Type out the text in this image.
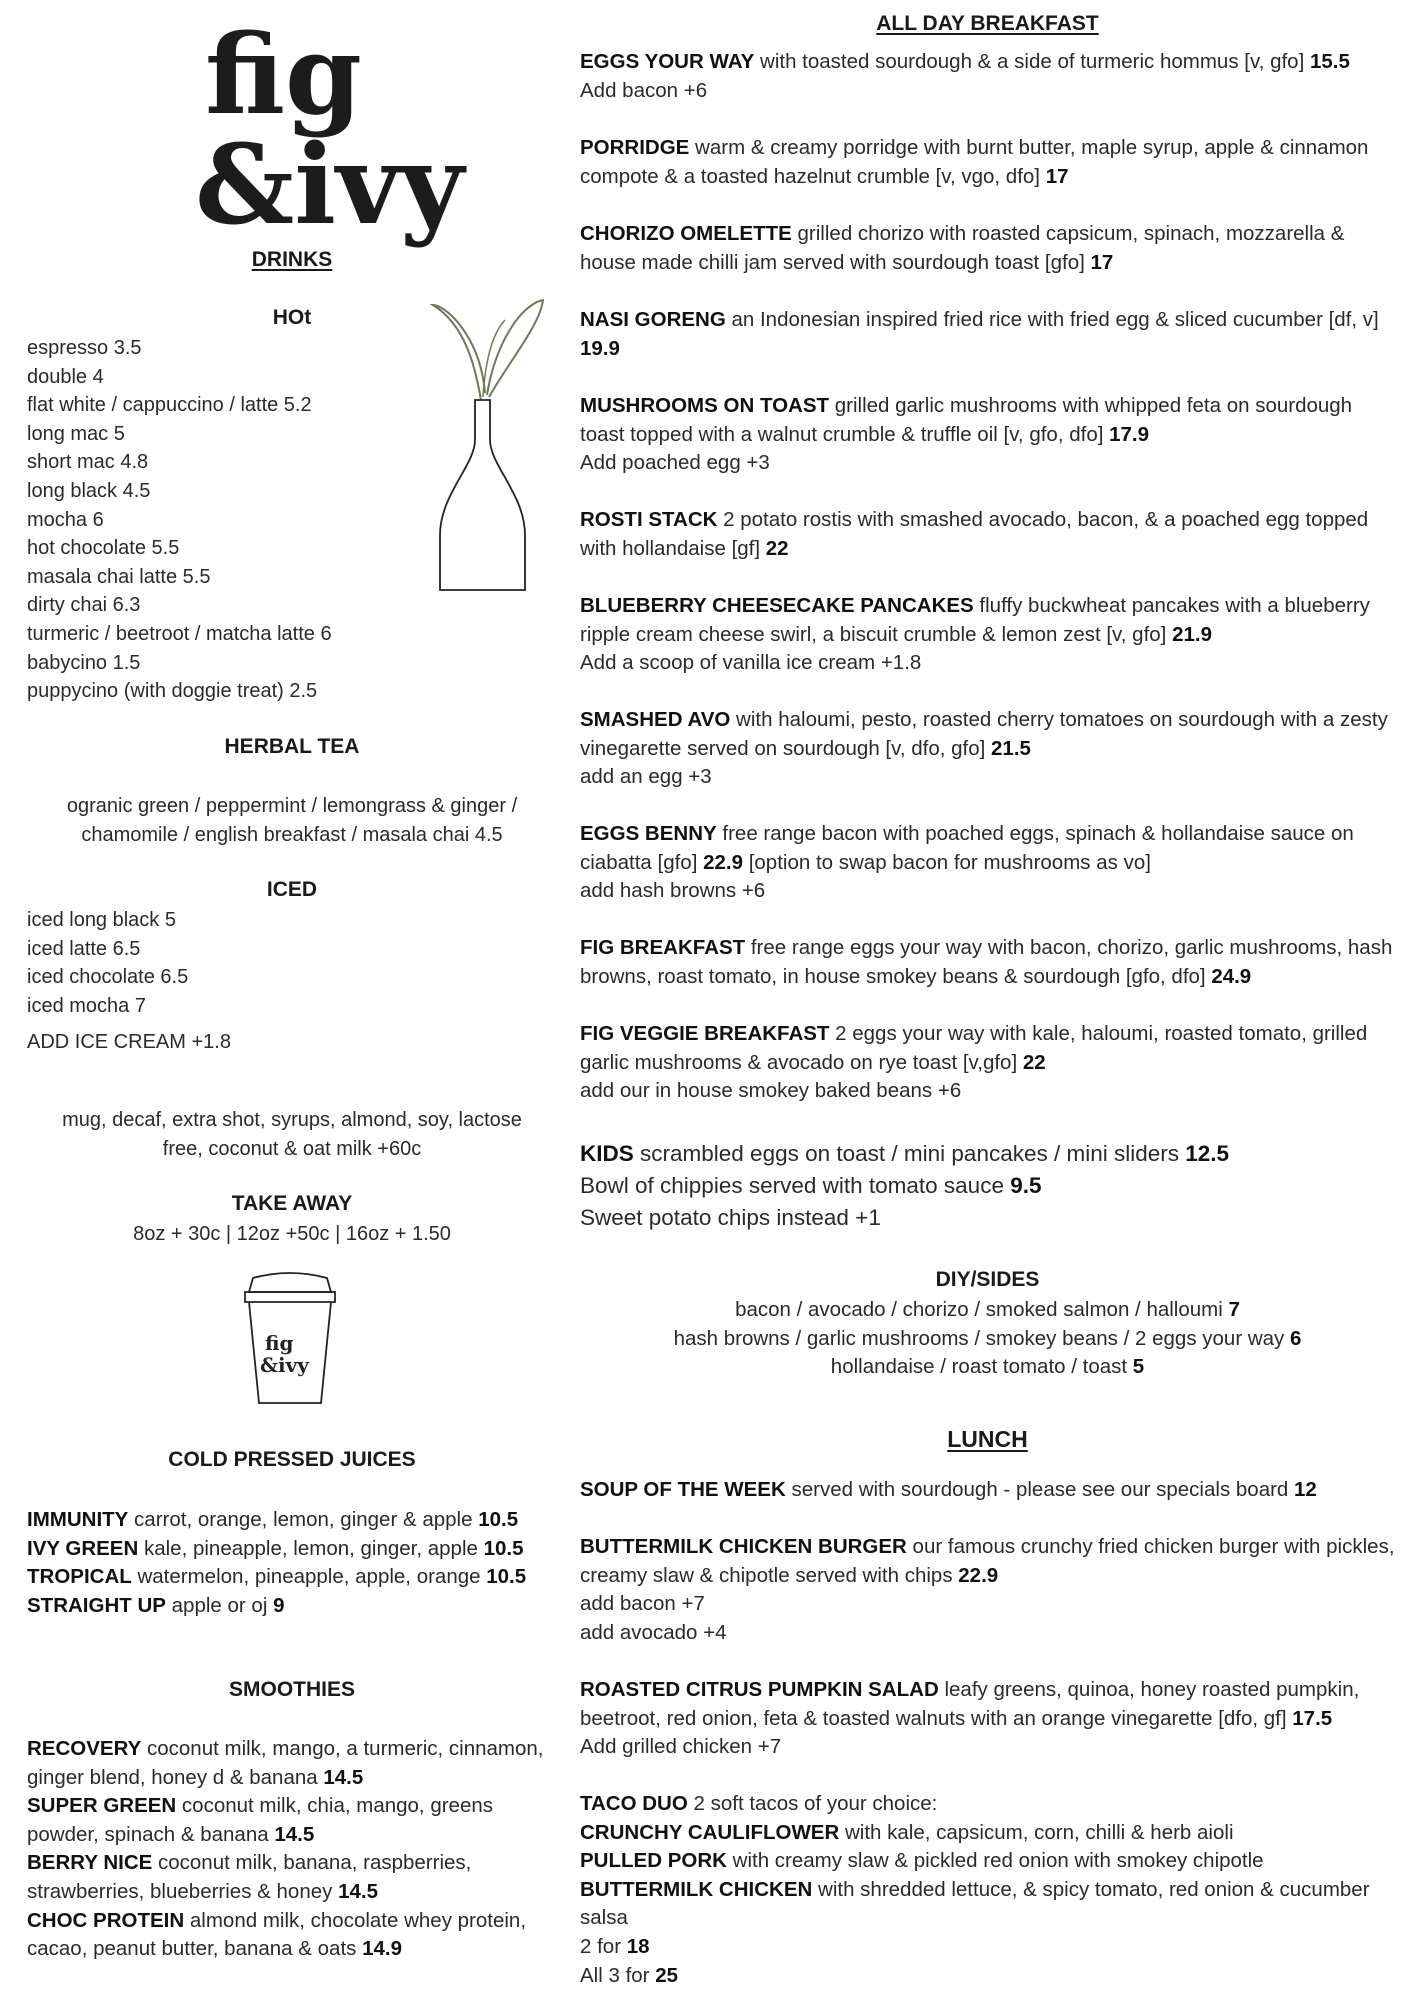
fig
&ivy
fig
&ivy

DRINKS

HOt

espresso 3.5
double 4
flat white / cappuccino / latte 5.2
long mac 5
short mac 4.8
long black 4.5
mocha 6
hot chocolate 5.5
masala chai latte 5.5
dirty chai 6.3
turmeric / beetroot / matcha latte 6
babycino 1.5
puppycino (with doggie treat) 2.5

HERBAL TEA

ogranic green / peppermint / lemongrass & ginger /
chamomile / english breakfast / masala chai 4.5

ICED

iced long black 5
iced latte 6.5
iced chocolate 6.5
iced mocha 7
ADD ICE CREAM +1.8
mug, decaf, extra shot, syrups, almond, soy, lactose
free, coconut & oat milk +60c

TAKE AWAY

8oz + 30c | 12oz +50c | 16oz + 1.50

COLD PRESSED JUICES

IMMUNITY carrot, orange, lemon, ginger & apple 10.5

IVY GREEN kale, pineapple, lemon, ginger, apple 10.5

TROPICAL watermelon, pineapple, apple, orange 10.5

STRAIGHT UP apple or oj 9

SMOOTHIES

RECOVERY coconut milk, mango, a turmeric, cinnamon, ginger blend, honey d & banana 14.5

SUPER GREEN coconut milk, chia, mango, greens powder, spinach & banana 14.5

BERRY NICE coconut milk, banana, raspberries, strawberries, blueberries & honey 14.5

CHOC PROTEIN almond milk, chocolate whey protein, cacao, peanut butter, banana & oats 14.9

ALL DAY BREAKFAST

EGGS YOUR WAY with toasted sourdough & a side of turmeric hommus [v, gfo] 15.5

Add bacon +6

PORRIDGE warm & creamy porridge with burnt butter, maple syrup, apple & cinnamon compote & a toasted hazelnut crumble [v, vgo, dfo] 17

CHORIZO OMELETTE grilled chorizo with roasted capsicum, spinach, mozzarella & house made chilli jam served with sourdough toast [gfo] 17

NASI GORENG an Indonesian inspired fried rice with fried egg & sliced cucumber [df, v] 19.9

MUSHROOMS ON TOAST grilled garlic mushrooms with whipped feta on sourdough toast topped with a walnut crumble & truffle oil [v, gfo, dfo] 17.9

Add poached egg +3

ROSTI STACK 2 potato rostis with smashed avocado, bacon, & a poached egg topped with hollandaise [gf] 22

BLUEBERRY CHEESECAKE PANCAKES fluffy buckwheat pancakes with a blueberry ripple cream cheese swirl, a biscuit crumble & lemon zest [v, gfo] 21.9

Add a scoop of vanilla ice cream +1.8

SMASHED AVO with haloumi, pesto, roasted cherry tomatoes on sourdough with a zesty vinegarette served on sourdough [v, dfo, gfo] 21.5

add an egg +3

EGGS BENNY free range bacon with poached eggs, spinach & hollandaise sauce on ciabatta [gfo] 22.9 [option to swap bacon for mushrooms as vo]

add hash browns +6

FIG BREAKFAST free range eggs your way with bacon, chorizo, garlic mushrooms, hash browns, roast tomato, in house smokey beans & sourdough [gfo, dfo] 24.9

FIG VEGGIE BREAKFAST 2 eggs your way with kale, haloumi, roasted tomato, grilled garlic mushrooms & avocado on rye toast [v,gfo] 22

add our in house smokey baked beans +6

KIDS scrambled eggs on toast / mini pancakes / mini sliders 12.5

Bowl of chippies served with tomato sauce 9.5

Sweet potato chips instead +1

DIY/SIDES

bacon / avocado / chorizo / smoked salmon / halloumi 7

hash browns / garlic mushrooms / smokey beans / 2 eggs your way 6

hollandaise / roast tomato / toast 5

LUNCH

SOUP OF THE WEEK served with sourdough - please see our specials board 12

BUTTERMILK CHICKEN BURGER our famous crunchy fried chicken burger with pickles, creamy slaw & chipotle served with chips 22.9

add bacon +7

add avocado +4

ROASTED CITRUS PUMPKIN SALAD leafy greens, quinoa, honey roasted pumpkin, beetroot, red onion, feta & toasted walnuts with an orange vinegarette [dfo, gf] 17.5

Add grilled chicken +7

TACO DUO 2 soft tacos of your choice:

CRUNCHY CAULIFLOWER with kale, capsicum, corn, chilli & herb aioli

PULLED PORK with creamy slaw & pickled red onion with smokey chipotle

BUTTERMILK CHICKEN with shredded lettuce, & spicy tomato, red onion & cucumber salsa

2 for 18

All 3 for 25
